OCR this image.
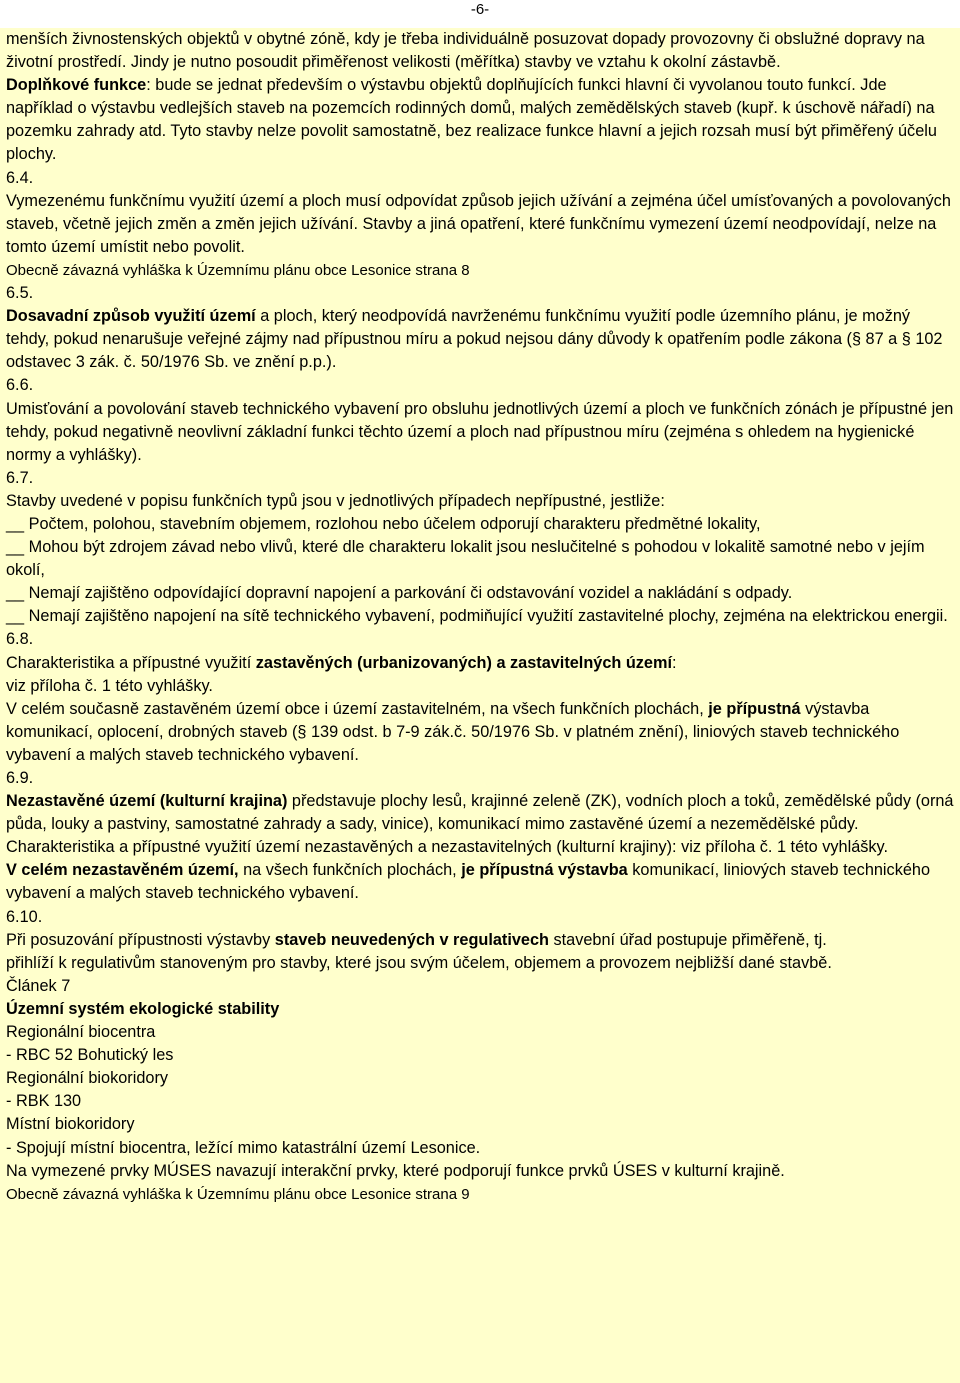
-6-

menších živnostenských objektů v obytné zóně, kdy je třeba individuálně posuzovat dopady provozovny či obslužné dopravy na životní prostředí. Jindy je nutno posoudit přiměřenost velikosti (měřítka) stavby ve vztahu k okolní zástavbě.

Doplňkové funkce: bude se jednat především o výstavbu objektů doplňujících funkci hlavní či vyvolanou touto funkcí. Jde například o výstavbu vedlejších staveb na pozemcích rodinných domů, malých zemědělských staveb (kupř. k úschově nářadí) na pozemku zahrady atd. Tyto stavby nelze povolit samostatně, bez realizace funkce hlavní a jejich rozsah musí být přiměřený účelu plochy.

6.4.

Vymezenému funkčnímu využití území a ploch musí odpovídat způsob jejich užívání a zejména účel umísťovaných a povolovaných staveb, včetně jejich změn a změn jejich užívání. Stavby a jiná opatření, které funkčnímu vymezení území neodpovídají, nelze na tomto území umístit nebo povolit.

Obecně závazná vyhláška k Územnímu plánu obce Lesonice strana 8

6.5.

Dosavadní způsob využití území a ploch, který neodpovídá navrženému funkčnímu využití podle územního plánu, je možný tehdy, pokud nenarušuje veřejné zájmy nad přípustnou míru a pokud nejsou dány důvody k opatřením podle zákona (§ 87 a § 102 odstavec 3 zák. č. 50/1976 Sb. ve znění p.p.).

6.6.

Umisťování a povolování staveb technického vybavení pro obsluhu jednotlivých území a ploch ve funkčních zónách je přípustné jen tehdy, pokud negativně neovlivní základní funkci těchto území a ploch nad přípustnou míru (zejména s ohledem na hygienické normy a vyhlášky).

6.7.

Stavby uvedené v popisu funkčních typů jsou v jednotlivých případech nepřípustné, jestliže:

__ Počtem, polohou, stavebním objemem, rozlohou nebo účelem odporují charakteru předmětné lokality,

__ Mohou být zdrojem závad nebo vlivů, které dle charakteru lokalit jsou neslučitelné s pohodou v lokalitě samotné nebo v jejím okolí,

__ Nemají zajištěno odpovídající dopravní napojení a parkování či odstavování vozidel a nakládání s odpady.

__ Nemají zajištěno napojení na sítě technického vybavení, podmiňující využití zastavitelné plochy, zejména na elektrickou energii.

6.8.

Charakteristika a přípustné využití zastavěných (urbanizovaných) a zastavitelných území:

viz příloha č. 1 této vyhlášky.

V celém současně zastavěném území obce i území zastavitelném, na všech funkčních plochách, je přípustná výstavba komunikací, oplocení, drobných staveb (§ 139 odst. b 7-9 zák.č. 50/1976 Sb. v platném znění), liniových staveb technického vybavení a malých staveb technického vybavení.

6.9.

Nezastavěné území (kulturní krajina) představuje plochy lesů, krajinné zeleně (ZK), vodních ploch a toků, zemědělské půdy (orná půda, louky a pastviny, samostatné zahrady a sady, vinice), komunikací mimo zastavěné území a nezemědělské půdy.

Charakteristika a přípustné využití území nezastavěných a nezastavitelných (kulturní krajiny): viz příloha č. 1 této vyhlášky.

V celém nezastavěném území, na všech funkčních plochách, je přípustná výstavba komunikací, liniových staveb technického vybavení a malých staveb technického vybavení.

6.10.

Při posuzování přípustnosti výstavby staveb neuvedených v regulativech stavební úřad postupuje přiměřeně, tj.

přihlíží k regulativům stanoveným pro stavby, které jsou svým účelem, objemem a provozem nejbližší dané stavbě.

Článek 7

Územní systém ekologické stability

Regionální biocentra

- RBC 52 Bohutický les

Regionální biokoridory

- RBK 130

Místní biokoridory

- Spojují místní biocentra, ležící mimo katastrální území Lesonice.

Na vymezené prvky MÚSES navazují interakční prvky, které podporují funkce prvků ÚSES v kulturní krajině.

Obecně závazná vyhláška k Územnímu plánu obce Lesonice strana 9
